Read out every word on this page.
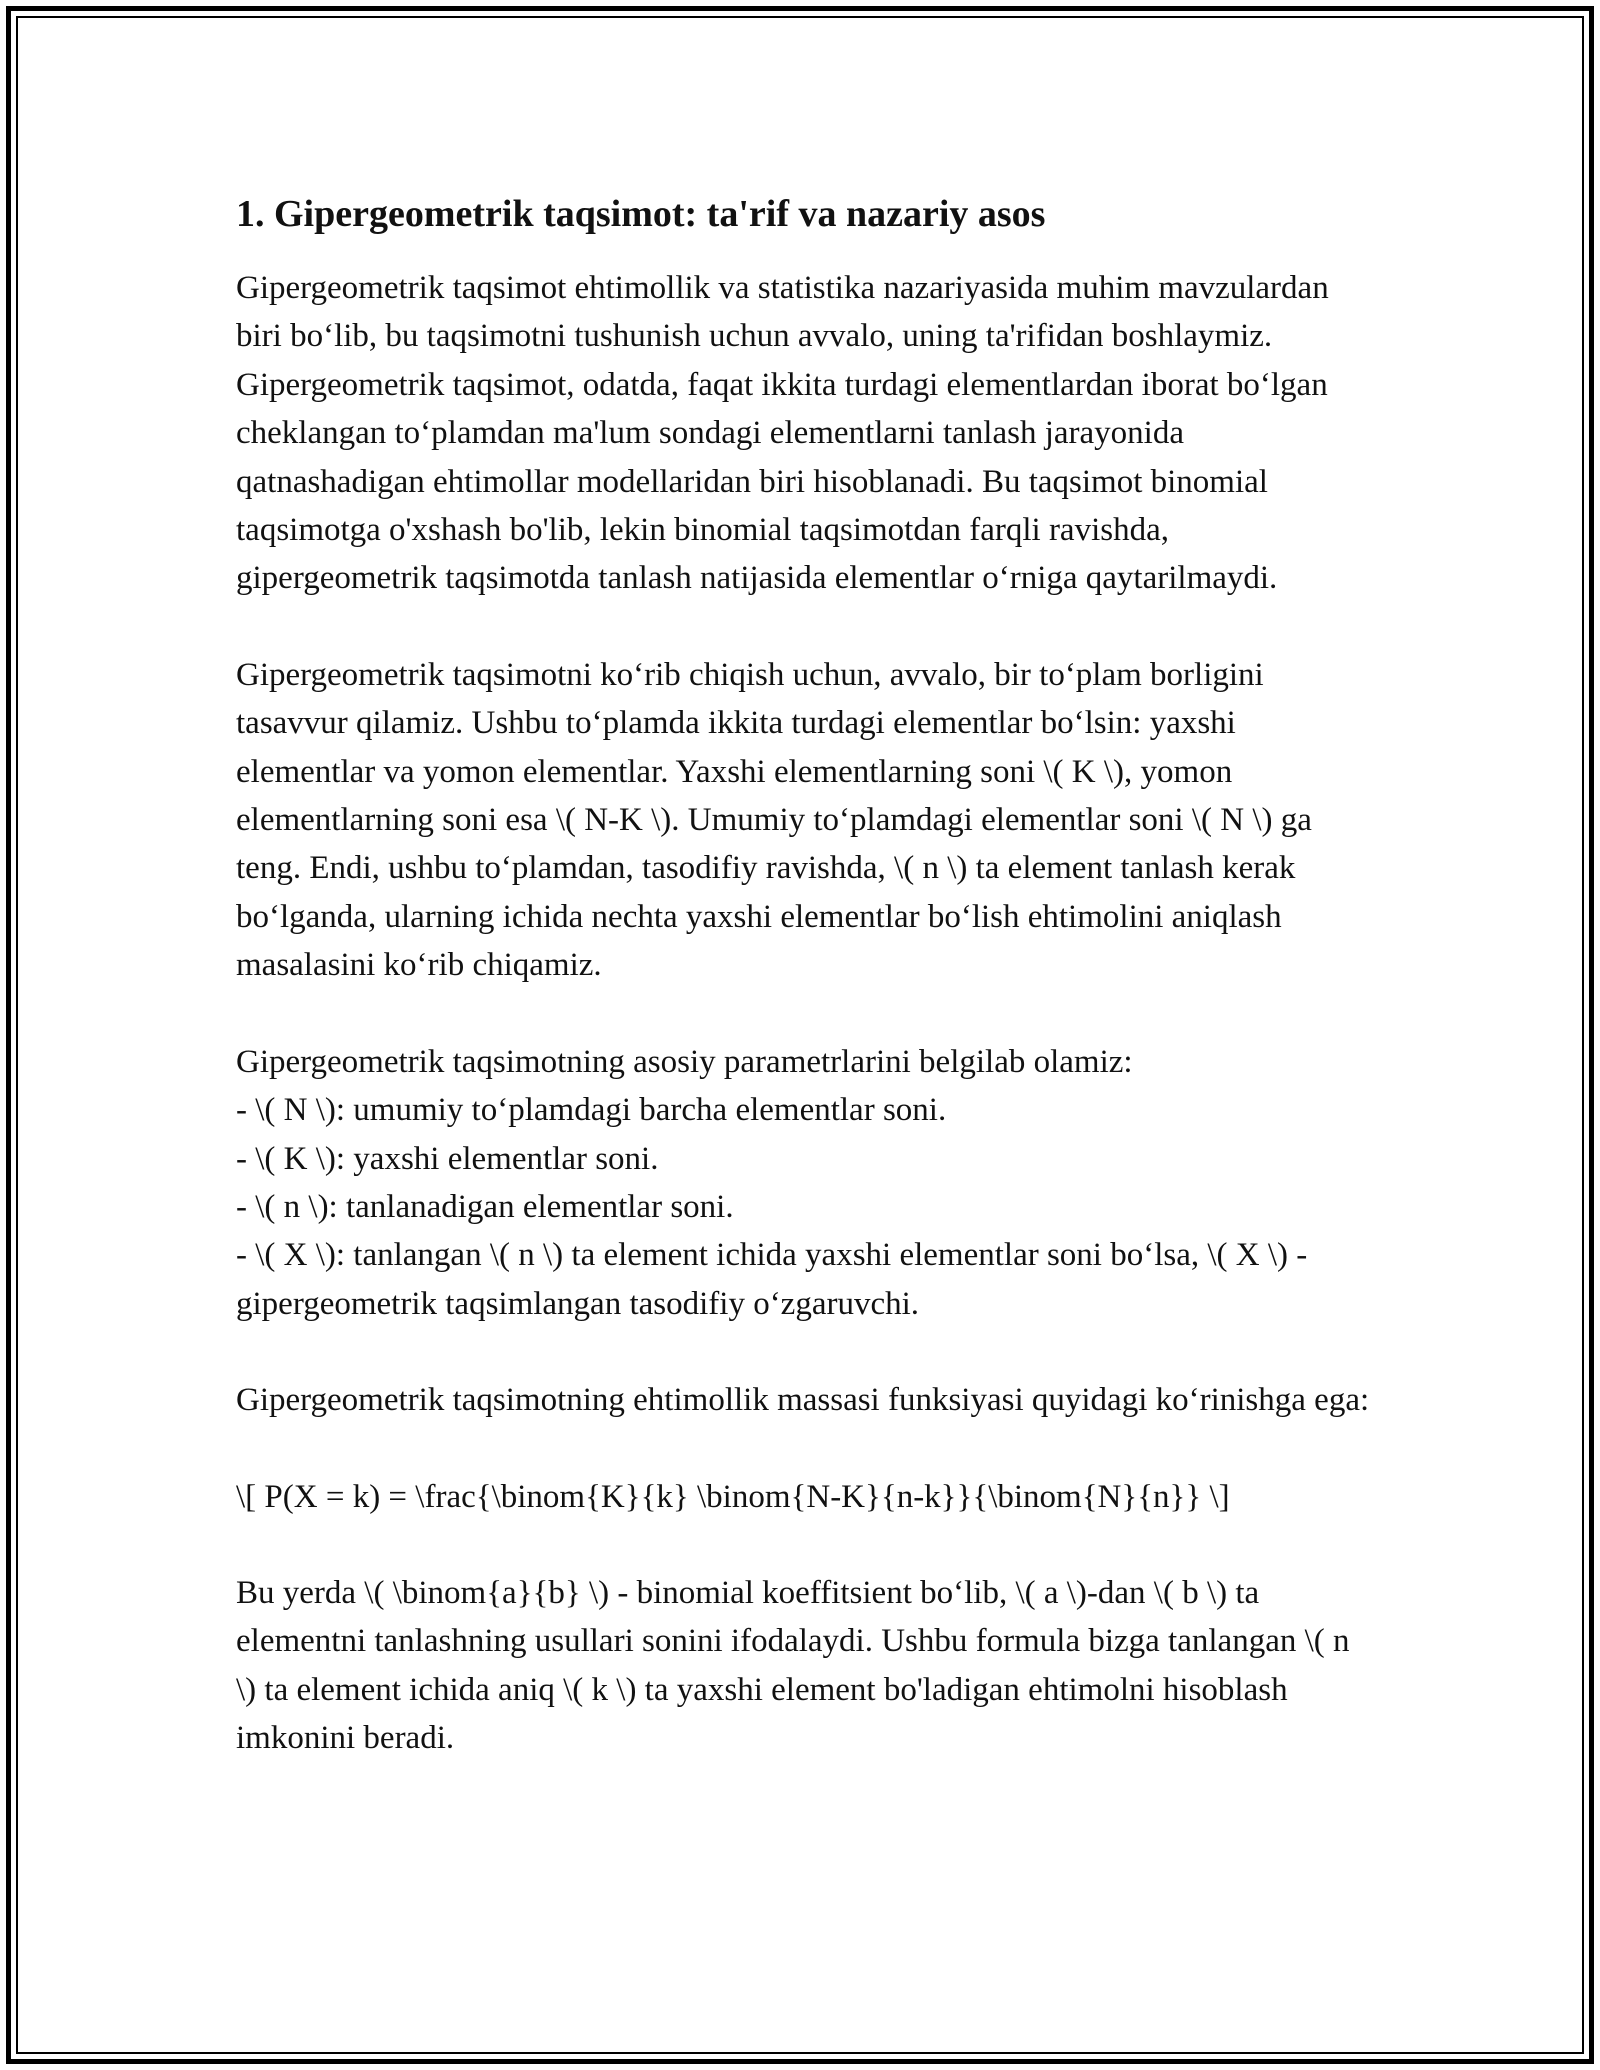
1. Gipergeometrik taqsimot: ta'rif va nazariy asos

Gipergeometrik taqsimot ehtimollik va statistika nazariyasida muhim mavzulardan biri boʻlib, bu taqsimotni tushunish uchun avvalo, uning ta'rifidan boshlaymiz. Gipergeometrik taqsimot, odatda, faqat ikkita turdagi elementlardan iborat boʻlgan cheklangan toʻplamdan ma'lum sondagi elementlarni tanlash jarayonida qatnashadigan ehtimollar modellaridan biri hisoblanadi. Bu taqsimot binomial taqsimotga o'xshash bo'lib, lekin binomial taqsimotdan farqli ravishda, gipergeometrik taqsimotda tanlash natijasida elementlar oʻrniga qaytarilmaydi.

Gipergeometrik taqsimotni koʻrib chiqish uchun, avvalo, bir toʻplam borligini tasavvur qilamiz. Ushbu toʻplamda ikkita turdagi elementlar boʻlsin: yaxshi elementlar va yomon elementlar. Yaxshi elementlarning soni \( K \), yomon elementlarning soni esa \( N-K \). Umumiy toʻplamdagi elementlar soni \( N \) ga teng. Endi, ushbu toʻplamdan, tasodifiy ravishda, \( n \) ta element tanlash kerak boʻlganda, ularning ichida nechta yaxshi elementlar boʻlish ehtimolini aniqlash masalasini koʻrib chiqamiz.

Gipergeometrik taqsimotning asosiy parametrlarini belgilab olamiz:
- \( N \): umumiy toʻplamdagi barcha elementlar soni.
- \( K \): yaxshi elementlar soni.
- \( n \): tanlanadigan elementlar soni.
- \( X \): tanlangan \( n \) ta element ichida yaxshi elementlar soni boʻlsa, \( X \) - gipergeometrik taqsimlangan tasodifiy oʻzgaruvchi.

Gipergeometrik taqsimotning ehtimollik massasi funksiyasi quyidagi koʻrinishga ega:

\[ P(X = k) = \frac{\binom{K}{k} \binom{N-K}{n-k}}{\binom{N}{n}} \]

Bu yerda \( \binom{a}{b} \) - binomial koeffitsient boʻlib, \( a \)-dan \( b \) ta elementni tanlashning usullari sonini ifodalaydi. Ushbu formula bizga tanlangan \( n \) ta element ichida aniq \( k \) ta yaxshi element bo'ladigan ehtimolni hisoblash imkonini beradi.
